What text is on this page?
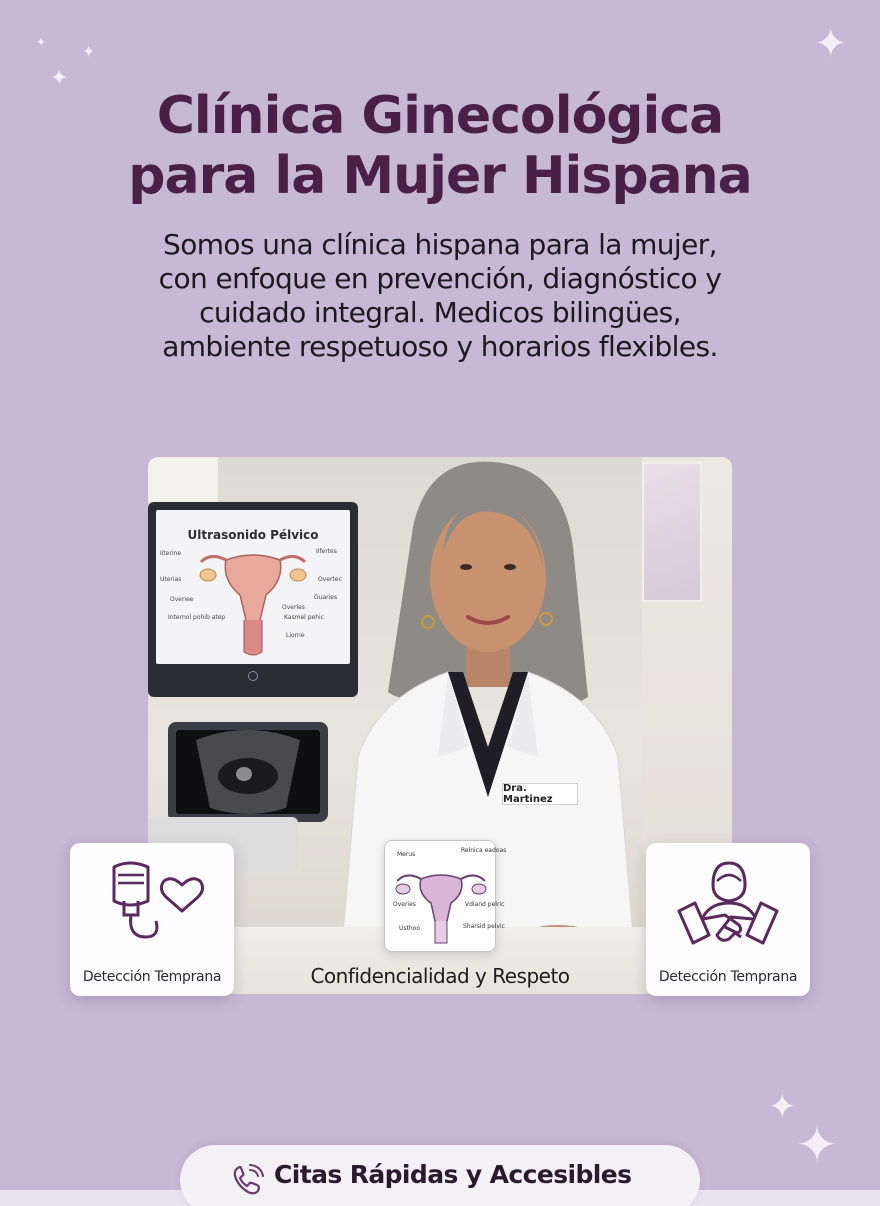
✦ ✦
✦
✦
✦
✦
Clínica Ginecológica
para la Mujer Hispana
Somos una clínica hispana para la mujer,
con enfoque en prevención, diagnóstico y
cuidado integral. Medicos bilingües,
ambiente respetuoso y horarios flexibles.
Ultrasonido Pélvico
Iiterine
Uterias
Overiee
Internol pohib atep
Iifertes
Overtec
Guaries
Overles
Kasmel pehic
Liorne
Dra. Martinez
Detección Temprana
Merus
Relnica eadoas
Overies	Vdiand pelric
Usthoo	Sharsid pelvic
Confidencialidad y Respeto	Detección Temprana
Citas Rápidas y Accesibles
